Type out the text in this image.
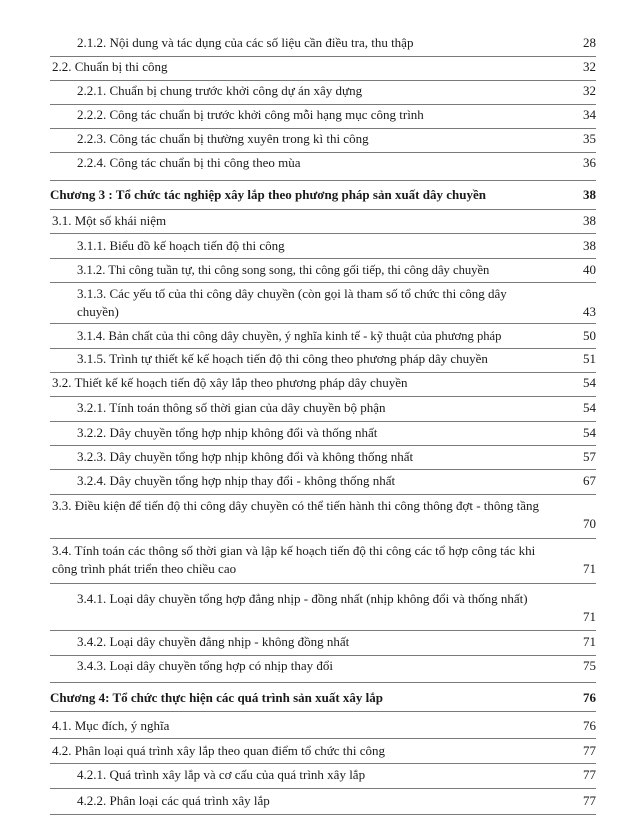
2.1.2. Nội dung và tác dụng của các số liệu cần điều tra, thu thập	28
2.2. Chuẩn bị thi công	32
2.2.1. Chuẩn bị chung trước khởi công dự án xây dựng	32
2.2.2. Công tác chuẩn bị trước khởi công mỗi hạng mục công trình	34
2.2.3. Công tác chuẩn bị thường xuyên trong kì thi công	35
2.2.4. Công tác chuẩn bị thi công theo mùa	36
Chương 3 : Tổ chức tác nghiệp xây lắp theo phương pháp sản xuất dây chuyền	38
3.1. Một số khái niệm	38
3.1.1. Biểu đồ kế hoạch tiến độ thi công	38
3.1.2. Thi công tuần tự, thi công song song, thi công gối tiếp, thi công dây chuyền	40
3.1.3. Các yếu tố của thi công dây chuyền (còn gọi là tham số tổ chức thi công dây chuyền)	43
3.1.4. Bản chất của thi công dây chuyền, ý nghĩa kinh tế - kỹ thuật của phương pháp	50
3.1.5. Trình tự thiết kế kế hoạch tiến độ thi công theo phương pháp dây chuyền	51
3.2. Thiết kế kế hoạch tiến độ xây lắp theo phương pháp dây chuyền	54
3.2.1. Tính toán thông số thời gian của dây chuyền bộ phận	54
3.2.2. Dây chuyền tổng hợp nhịp không đổi và thống nhất	54
3.2.3. Dây chuyền tổng hợp nhịp không đổi và không thống nhất	57
3.2.4. Dây chuyền tổng hợp nhịp thay đổi - không thống nhất	67
3.3. Điều kiện để tiến độ thi công dây chuyền có thể tiến hành thi công thông đợt - thông tầng
70
3.4. Tính toán các thông số thời gian và lập kế hoạch tiến độ thi công các tổ hợp công tác khi công trình phát triển theo chiều cao	71
3.4.1. Loại dây chuyền tổng hợp đẳng nhịp - đồng nhất (nhịp không đổi và thống nhất)
71
3.4.2. Loại dây chuyền đẳng nhịp - không đồng nhất	71
3.4.3. Loại dây chuyền tổng hợp có nhịp thay đổi	75
Chương 4: Tổ chức thực hiện các quá trình sản xuất xây lắp	76
4.1. Mục đích, ý nghĩa	76
4.2. Phân loại quá trình xây lắp theo quan điểm tổ chức thi công	77
4.2.1. Quá trình xây lắp và cơ cấu của quá trình xây lắp	77
4.2.2. Phân loại các quá trình xây lắp	77
